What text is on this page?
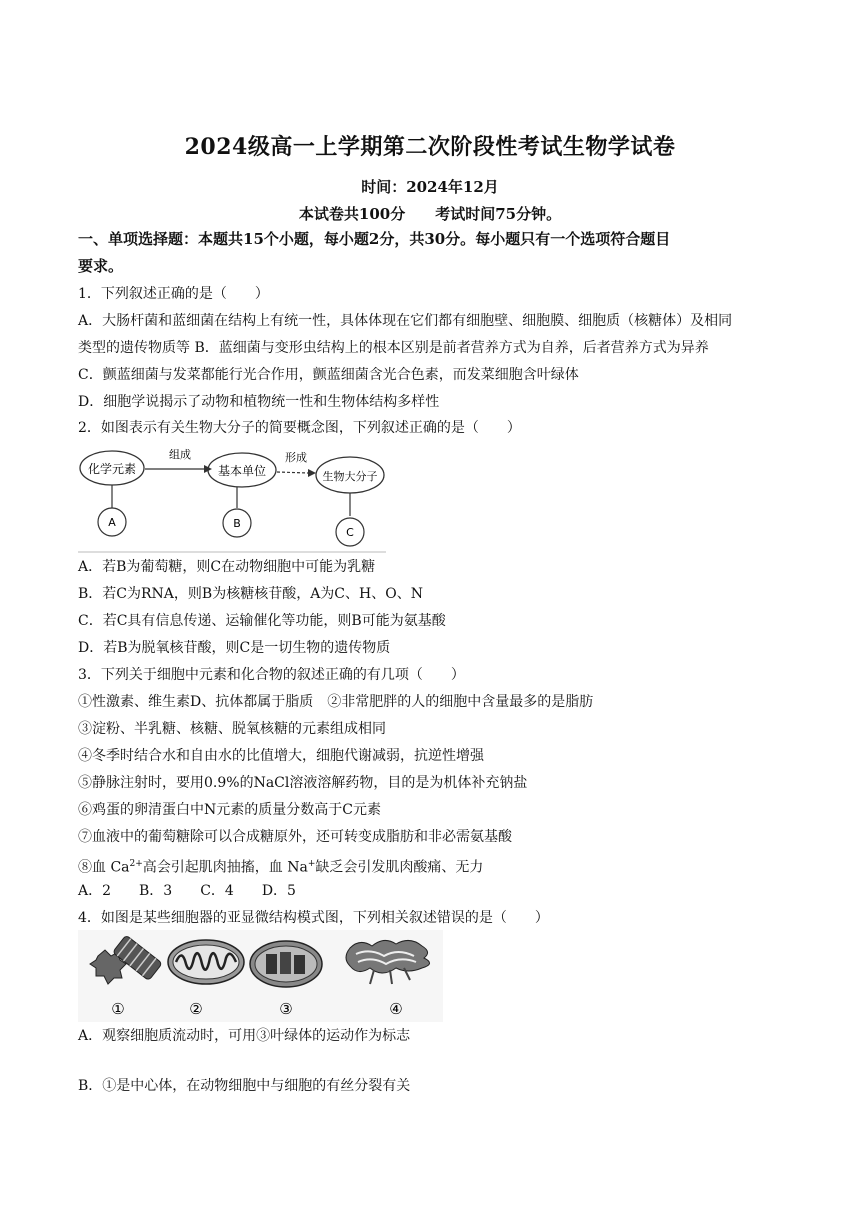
2024级高一上学期第二次阶段性考试生物学试卷
时间：2024年12月
本试卷共100分　　考试时间75分钟。
一、单项选择题：本题共15个小题，每小题2分，共30分。每小题只有一个选项符合题目
要求。
1．下列叙述正确的是（　　）
A．大肠杆菌和蓝细菌在结构上有统一性，具体体现在它们都有细胞壁、细胞膜、细胞质（核糖体）及相同
类型的遗传物质等 B．蓝细菌与变形虫结构上的根本区别是前者营养方式为自养，后者营养方式为异养
C．颤蓝细菌与发菜都能行光合作用，颤蓝细菌含光合色素，而发菜细胞含叶绿体
D．细胞学说揭示了动物和植物统一性和生物体结构多样性
2．如图表示有关生物大分子的简要概念图，下列叙述正确的是（　　）
化学元素	基本单位	生物大分子
组成	形成
A	B
C
A．若B为葡萄糖，则C在动物细胞中可能为乳糖
B．若C为RNA，则B为核糖核苷酸，A为C、H、O、N
C．若C具有信息传递、运输催化等功能，则B可能为氨基酸
D．若B为脱氧核苷酸，则C是一切生物的遗传物质
3．下列关于细胞中元素和化合物的叙述正确的有几项（　　）
①性激素、维生素D、抗体都属于脂质　②非常肥胖的人的细胞中含量最多的是脂肪
③淀粉、半乳糖、核糖、脱氧核糖的元素组成相同
④冬季时结合水和自由水的比值增大，细胞代谢减弱，抗逆性增强
⑤静脉注射时，要用0.9%的NaCl溶液溶解药物，目的是为机体补充钠盐
⑥鸡蛋的卵清蛋白中N元素的质量分数高于C元素
⑦血液中的葡萄糖除可以合成糖原外，还可转变成脂肪和非必需氨基酸
⑧血 $Ca^{2+}$高会引起肌肉抽搐，血 Na+缺乏会引发肌肉酸痛、无力
A．2　　B．3　　C．4　　D．5
4．如图是某些细胞器的亚显微结构模式图，下列相关叙述错误的是（　　）
①	②	③	④
A．观察细胞质流动时，可用③叶绿体的运动作为标志
B．①是中心体，在动物细胞中与细胞的有丝分裂有关
